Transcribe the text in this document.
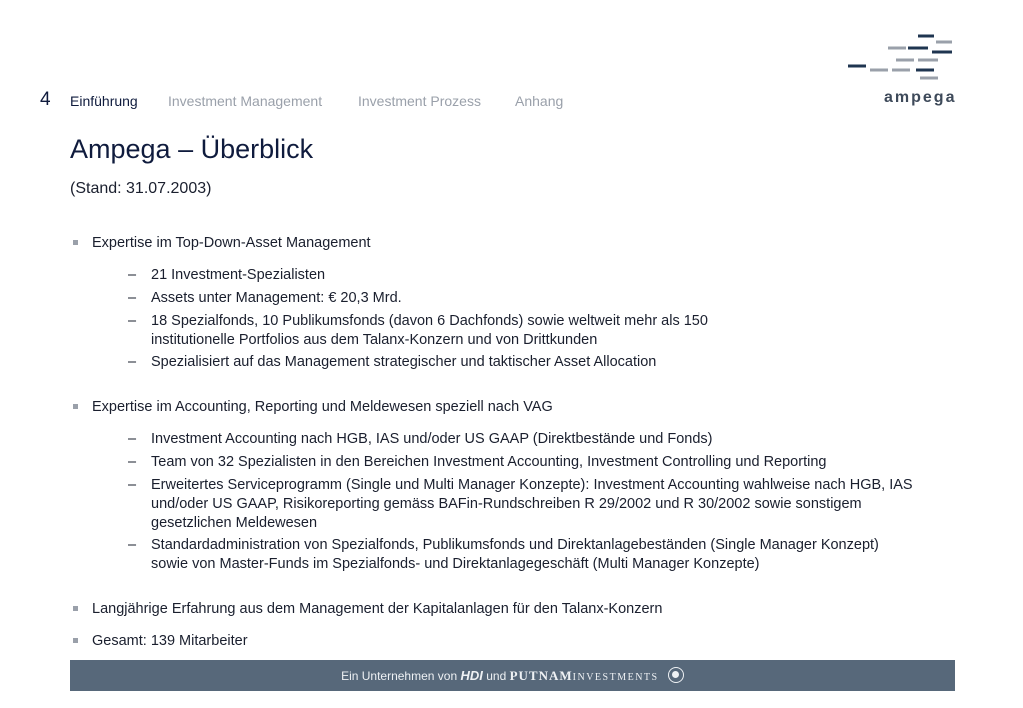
4 Einführung Investment Management	Investment Prozess Anhang	ampega
Ampega – Überblick
(Stand: 31.07.2003)
Expertise im Top-Down-Asset Management
– 21 Investment-Spezialisten
– Assets unter Management: € 20,3 Mrd.
– 18 Spezialfonds, 10 Publikumsfonds (davon 6 Dachfonds) sowie weltweit mehr als 150 institutionelle Portfolios aus dem Talanx-Konzern und von Drittkunden
– Spezialisiert auf das Management strategischer und taktischer Asset Allocation
Expertise im Accounting, Reporting und Meldewesen speziell nach VAG
– Investment Accounting nach HGB, IAS und/oder US GAAP (Direktbestände und Fonds)
– Team von 32 Spezialisten in den Bereichen Investment Accounting, Investment Controlling und Reporting
– Erweitertes Serviceprogramm (Single und Multi Manager Konzepte): Investment Accounting wahlweise nach HGB, IAS und/oder US GAAP, Risikoreporting gemäss BAFin-Rundschreiben R 29/2002 und R 30/2002 sowie sonstigem gesetzlichen Meldewesen
– Standardadministration von Spezialfonds, Publikumsfonds und Direktanlagebeständen (Single Manager Konzept) sowie von Master-Funds im Spezialfonds- und Direktanlagegeschäft (Multi Manager Konzepte)
Langjährige Erfahrung aus dem Management der Kapitalanlagen für den Talanx-Konzern
Gesamt: 139 Mitarbeiter
Ein Unternehmen von HDI und PUTNAMINVESTMENTS
